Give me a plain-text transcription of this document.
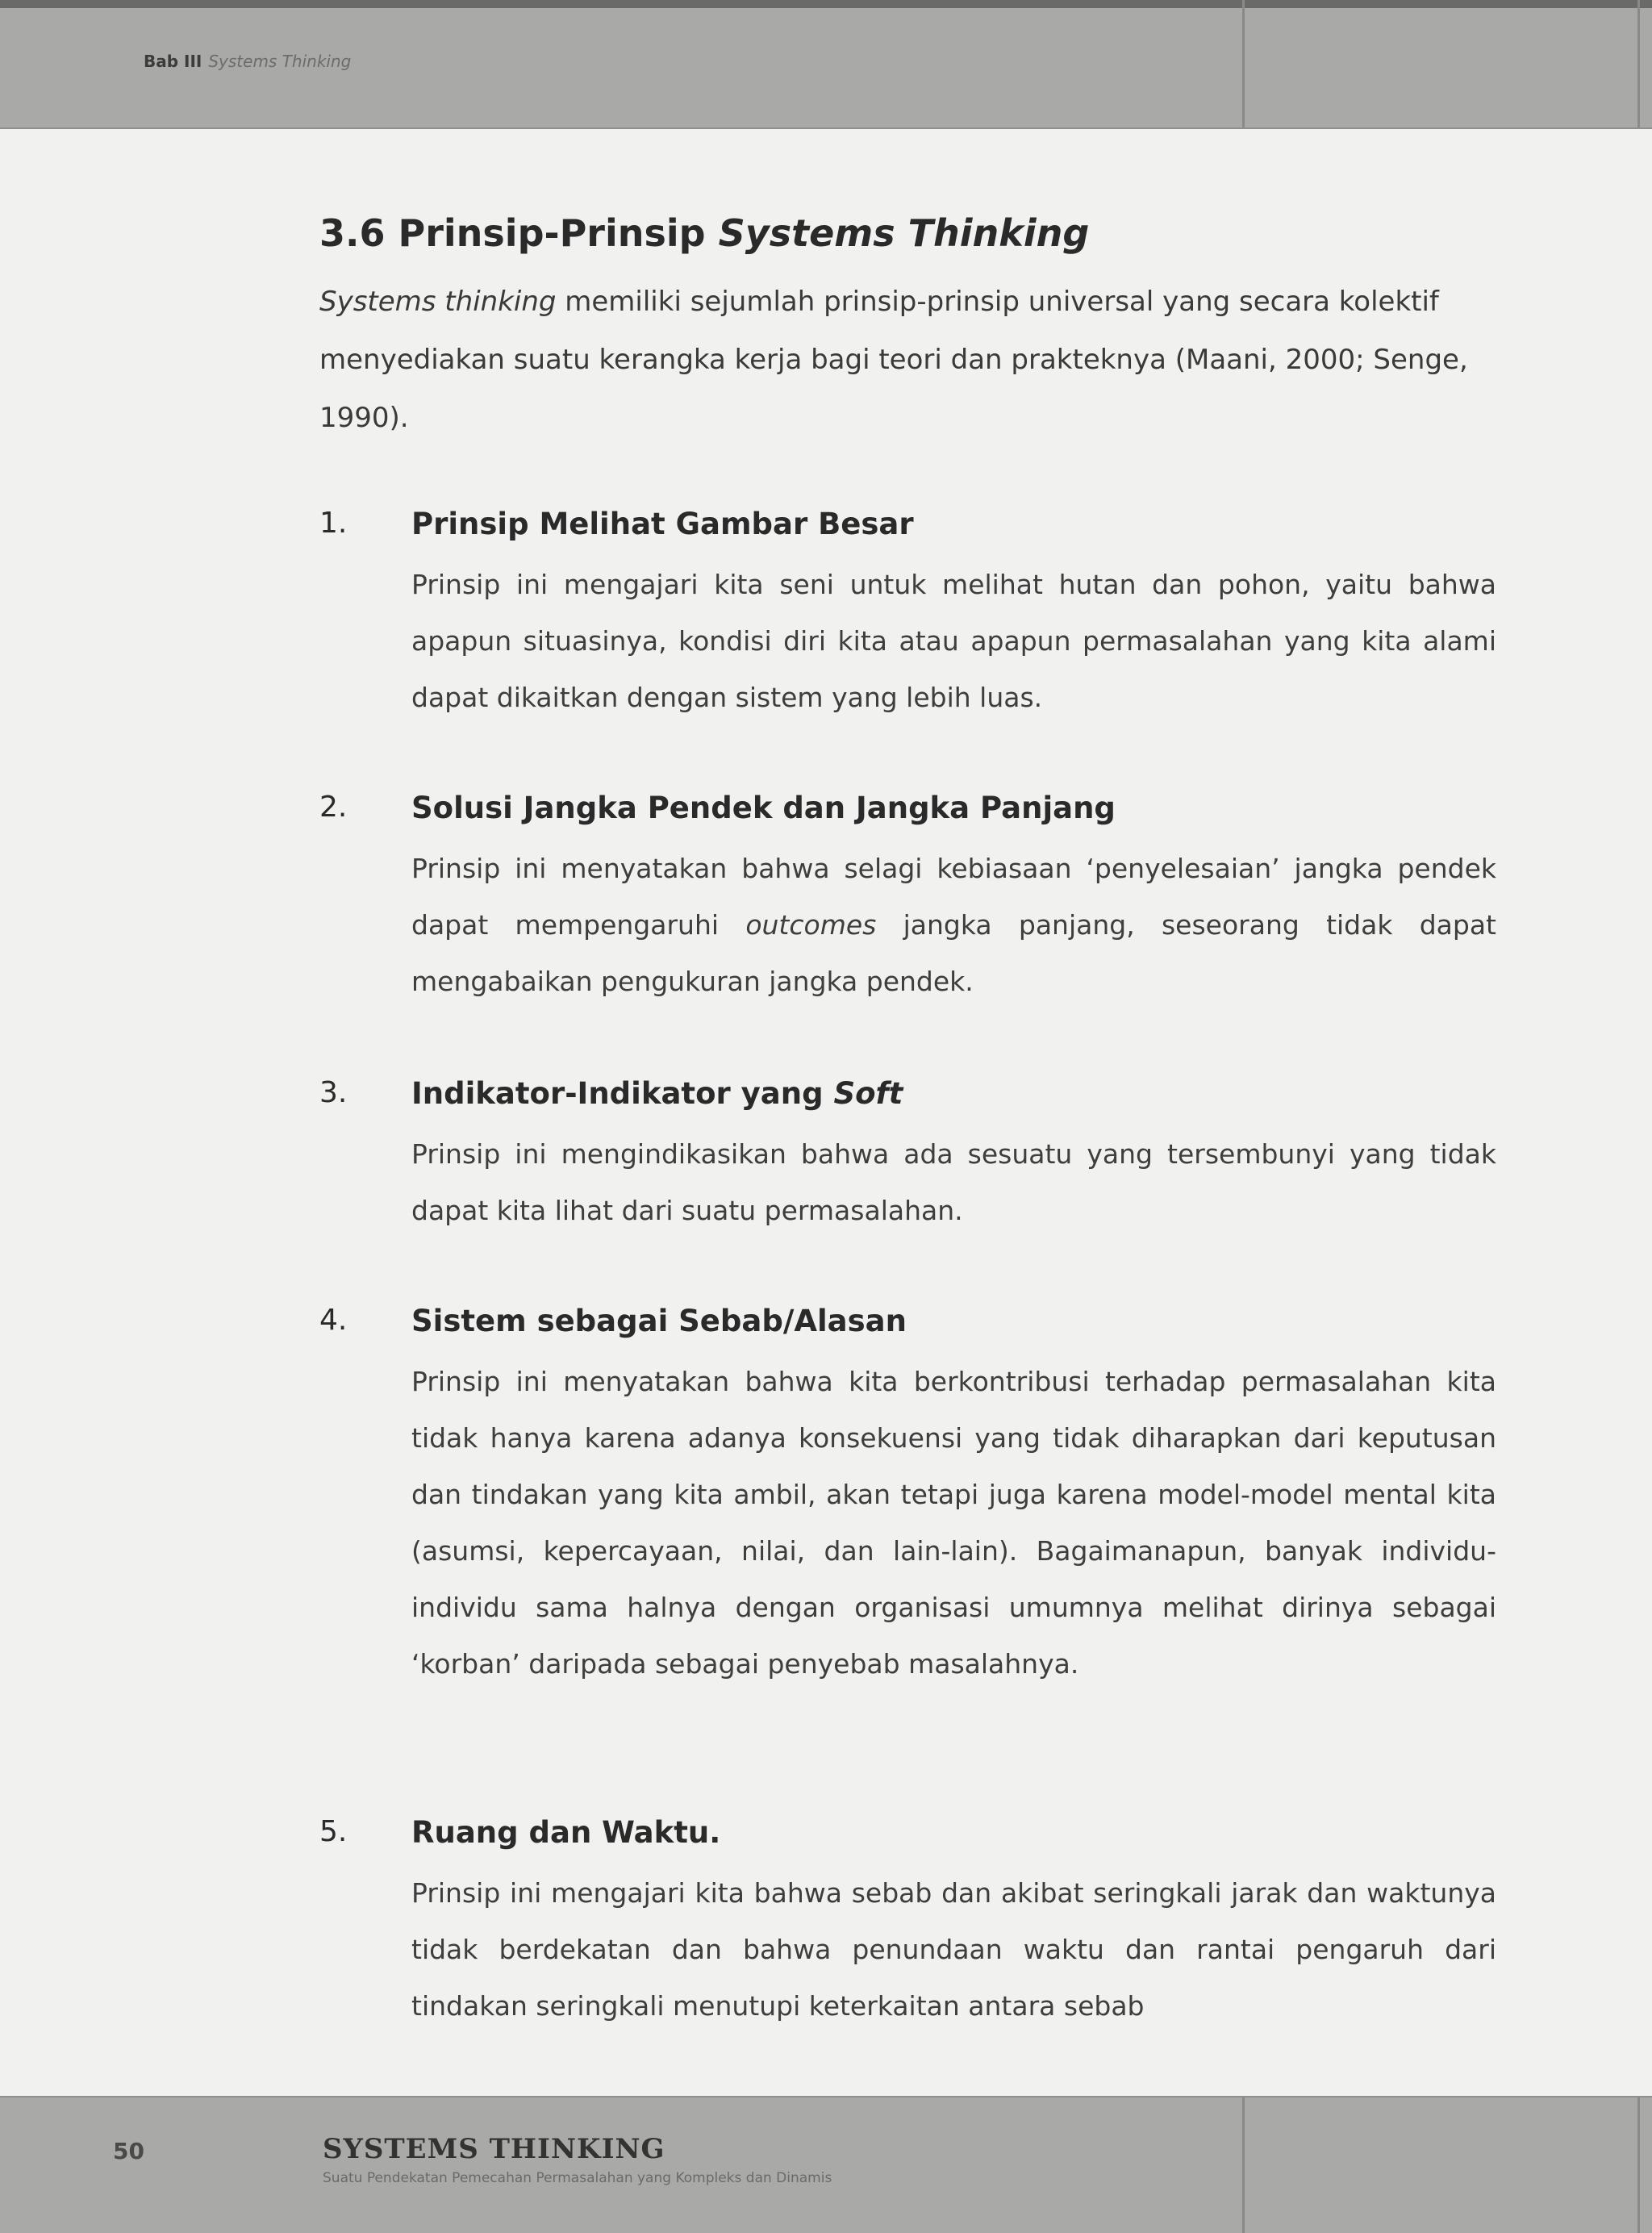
Bab III Systems Thinking
3.6 Prinsip-Prinsip Systems Thinking

Systems thinking memiliki sejumlah prinsip-prinsip universal yang secara kolektif menyediakan suatu kerangka kerja bagi teori dan prakteknya (Maani, 2000; Senge, 1990).

1. Prinsip Melihat Gambar Besar

Prinsip ini mengajari kita seni untuk melihat hutan dan pohon, yaitu bahwa apapun situasinya, kondisi diri kita atau apapun permasalahan yang kita alami dapat dikaitkan dengan sistem yang lebih luas.

2. Solusi Jangka Pendek dan Jangka Panjang

Prinsip ini menyatakan bahwa selagi kebiasaan ‘penyelesaian’ jangka pendek dapat mempengaruhi outcomes jangka panjang, seseorang tidak dapat mengabaikan pengukuran jangka pendek.

3. Indikator-Indikator yang Soft

Prinsip ini mengindikasikan bahwa ada sesuatu yang tersembunyi yang tidak dapat kita lihat dari suatu permasalahan.

4. Sistem sebagai Sebab/Alasan

Prinsip ini menyatakan bahwa kita berkontribusi terhadap permasalahan kita tidak hanya karena adanya konsekuensi yang tidak diharapkan dari keputusan dan tindakan yang kita ambil, akan tetapi juga karena model-model mental kita (asumsi, kepercayaan, nilai, dan lain-lain). Bagaimanapun, banyak individu-individu sama halnya dengan organisasi umumnya melihat dirinya sebagai ‘korban’ daripada sebagai penyebab masalahnya.

5. Ruang dan Waktu.

Prinsip ini mengajari kita bahwa sebab dan akibat seringkali jarak dan waktunya tidak berdekatan dan bahwa penundaan waktu dan rantai pengaruh dari tindakan seringkali menutupi keterkaitan antara sebab

50	SYSTEMS THINKING
Suatu Pendekatan Pemecahan Permasalahan yang Kompleks dan Dinamis
